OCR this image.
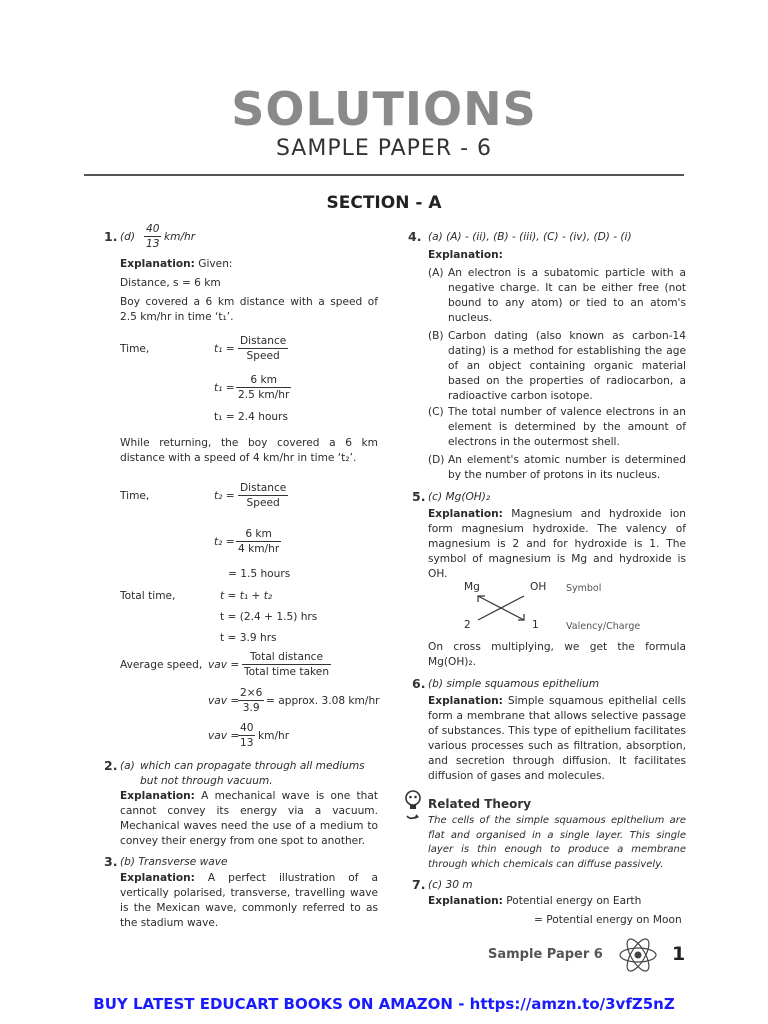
SOLUTIONS
SAMPLE PAPER - 6
SECTION - A
1. $(d) \frac{40}{13} km/hr$
Explanation: Given:
Distance, s = 6 km
Boy covered a 6 km distance with a speed of 2.5 km/hr in time ‘t₁’.
Time,	t₁ =
Distance
Speed
$t_1 = \frac{6 km}{2.5 km/hr}$
t₁ = 2.4 hours
While returning, the boy covered a 6 km distance with a speed of 4 km/hr in time ‘t₂’.
Time,	t₂ =
Distance
Speed
$t_2 = \frac{6 km}{4 km/hr}$
= 1.5 hours
Total time,	t = t₁ + t₂
t = (2.4 + 1.5) hrs
t = 3.9 hrs
Average speed, vav =
Total distance
Total time taken
vav =
$\frac{2\times 6}{3.9}$ = approx. 3.08 km/hr
vav =
$\frac{40}{13} km/hr$
2. (a) which can propagate through all mediums but not through vacuum.
Explanation: A mechanical wave is one that cannot convey its energy via a vacuum. Mechanical waves need the use of a medium to convey their energy from one spot to another.
3. (b) Transverse wave
Explanation: A perfect illustration of a vertically polarised, transverse, travelling wave is the Mexican wave, commonly referred to as the stadium wave.
4. (a) (A) - (ii), (B) - (iii), (C) - (iv), (D) - (i)
Explanation:
(A) An electron is a subatomic particle with a negative charge. It can be either free (not bound to any atom) or tied to an atom's nucleus.
(B) Carbon dating (also known as carbon-14 dating) is a method for establishing the age of an object containing organic material based on the properties of radiocarbon, a radioactive carbon isotope.
(C) The total number of valence electrons in an element is determined by the amount of electrons in the outermost shell.
(D) An element's atomic number is determined by the number of protons in its nucleus.
5. (c) Mg(OH)₂
Explanation: Magnesium and hydroxide ion form magnesium hydroxide. The valency of magnesium is 2 and for hydroxide is 1. The symbol of magnesium is Mg and hydroxide is OH.
Mg	OH Symbol
2	1	Valency/Charge
On cross multiplying, we get the formula Mg(OH)₂.
6. (b) simple squamous epithelium
Explanation: Simple squamous epithelial cells form a membrane that allows selective passage of substances. This type of epithelium facilitates various processes such as filtration, absorption, and secretion through diffusion. It facilitates diffusion of gases and molecules.
Related Theory
The cells of the simple squamous epithelium are flat and organised in a single layer. This single layer is thin enough to produce a membrane through which chemicals can diffuse passively.
7. (c) 30 m
Explanation: Potential energy on Earth
= Potential energy on Moon
Sample Paper 6	1
BUY LATEST EDUCART BOOKS ON AMAZON - https://amzn.to/3vfZ5nZ
